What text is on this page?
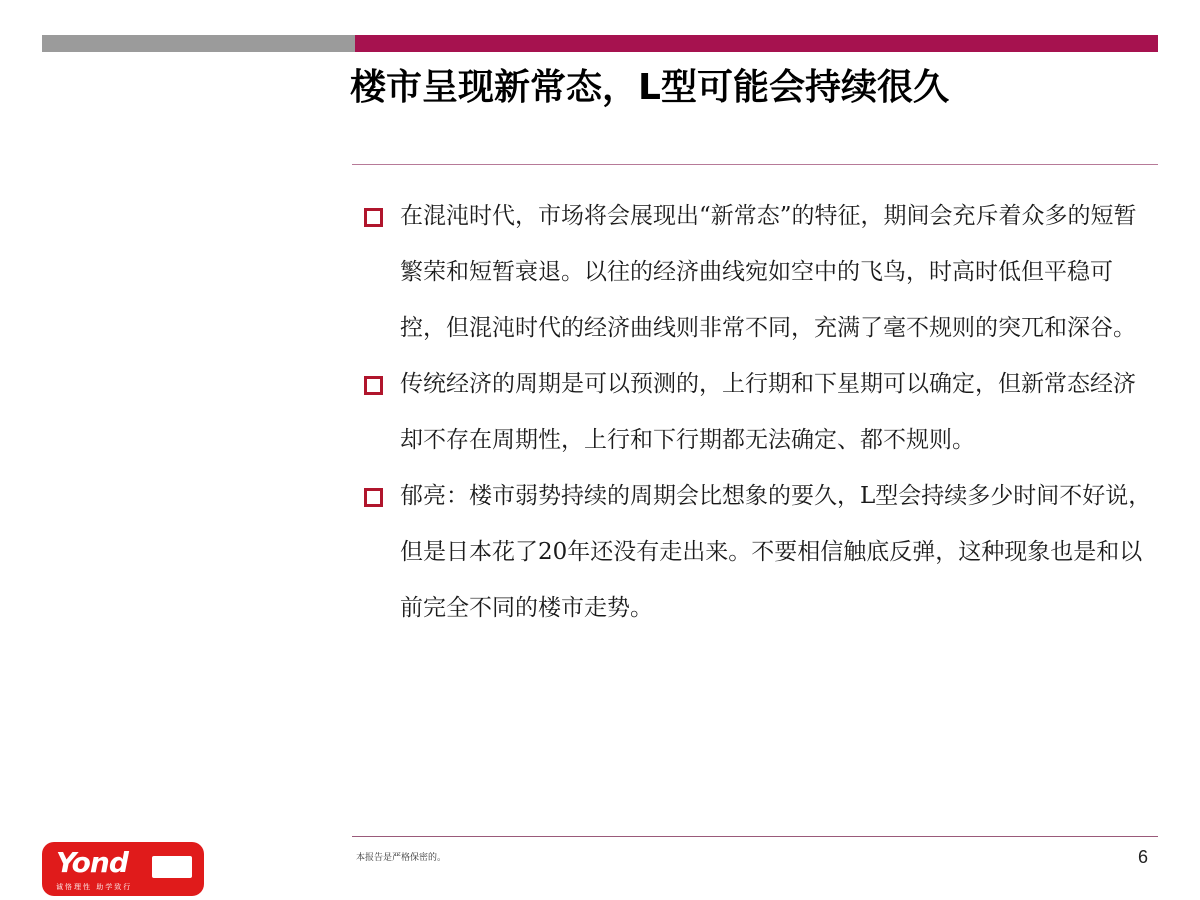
楼市呈现新常态，L型可能会持续很久
在混沌时代，市场将会展现出“新常态”的特征，期间会充斥着众多的短暂繁荣和短暂衰退。以往的经济曲线宛如空中的飞鸟，时高时低但平稳可控，但混沌时代的经济曲线则非常不同，充满了毫不规则的突兀和深谷。
传统经济的周期是可以预测的，上行期和下星期可以确定，但新常态经济却不存在周期性，上行和下行期都无法确定、都不规则。
郁亮：楼市弱势持续的周期会比想象的要久，L型会持续多少时间不好说，但是日本花了20年还没有走出来。不要相信触底反弹，这种现象也是和以前完全不同的楼市走势。
Yond
诚恪理性 助学致行
本报告是严格保密的。	6
